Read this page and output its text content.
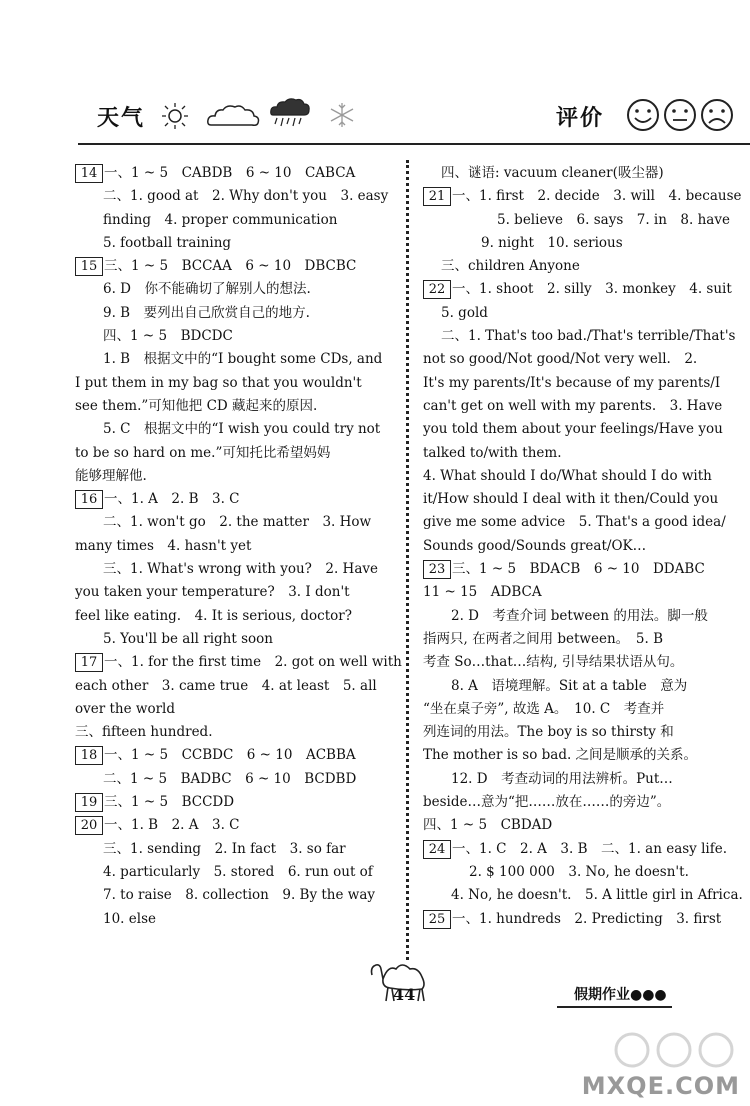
天气	评价
14 一、1 ~ 5　CABDB　6 ~ 10　CABCA
二、1. good at　2. Why don't you　3. easy
finding　4. proper communication
5. football training
15 三、1 ~ 5　BCCAA　6 ~ 10　DBCBC
6. D　你不能确切了解别人的想法.
9. B　要列出自己欣赏自己的地方.
四、1 ~ 5　BDCDC
1. B　根据文中的“I bought some CDs, and
I put them in my bag so that you wouldn't
see them.”可知他把 CD 藏起来的原因.
5. C　根据文中的“I wish you could try not
to be so hard on me.”可知托比希望妈妈
能够理解他.
16 一、1. A　2. B　3. C
二、1. won't go　2. the matter　3. How
many times　4. hasn't yet
三、1. What's wrong with you?　2. Have
you taken your temperature?　3. I don't
feel like eating.　4. It is serious, doctor?
5. You'll be all right soon
17 一、1. for the first time　2. got on well with
each other　3. came true　4. at least　5. all
over the world
三、fifteen hundred.
18 一、1 ~ 5　CCBDC　6 ~ 10　ACBBA
二、1 ~ 5　BADBC　6 ~ 10　BCDBD
19 三、1 ~ 5　BCCDD
20 一、1. B　2. A　3. C
三、1. sending　2. In fact　3. so far
4. particularly　5. stored　6. run out of
7. to raise　8. collection　9. By the way
10. else
四、谜语: vacuum cleaner(吸尘器)
21 一、1. first　2. decide　3. will　4. because
5. believe　6. says　7. in　8. have
9. night　10. serious
三、children Anyone
22 一、1. shoot　2. silly　3. monkey　4. suit
5. gold
二、1. That's too bad./That's terrible/That's
not so good/Not good/Not very well.　2.
It's my parents/It's because of my parents/I
can't get on well with my parents.　3. Have
you told them about your feelings/Have you
talked to/with them.
4. What should I do/What should I do with
it/How should I deal with it then/Could you
give me some advice　5. That's a good idea/
Sounds good/Sounds great/OK…
23 三、1 ~ 5　BDACB　6 ~ 10　DDABC
11 ~ 15　ADBCA
2. D　考查介词 between 的用法。脚一般
指两只, 在两者之间用 between。　5. B
考查 So…that…结构, 引导结果状语从句。
8. A　语境理解。Sit at a table　意为
“坐在桌子旁”, 故选 A。　10. C　考查并
列连词的用法。The boy is so thirsty 和
The mother is so bad. 之间是顺承的关系。
12. D　考查动词的用法辨析。Put…
beside…意为“把……放在……的旁边”。
四、1 ~ 5　CBDAD
24 一、1. C　2. A　3. B　二、1. an easy life.
2. $ 100 000　3. No, he doesn't.
4. No, he doesn't.　5. A little girl in Africa.
25 一、1. hundreds　2. Predicting　3. first
44	假期作业●●●
MXQE.COM
